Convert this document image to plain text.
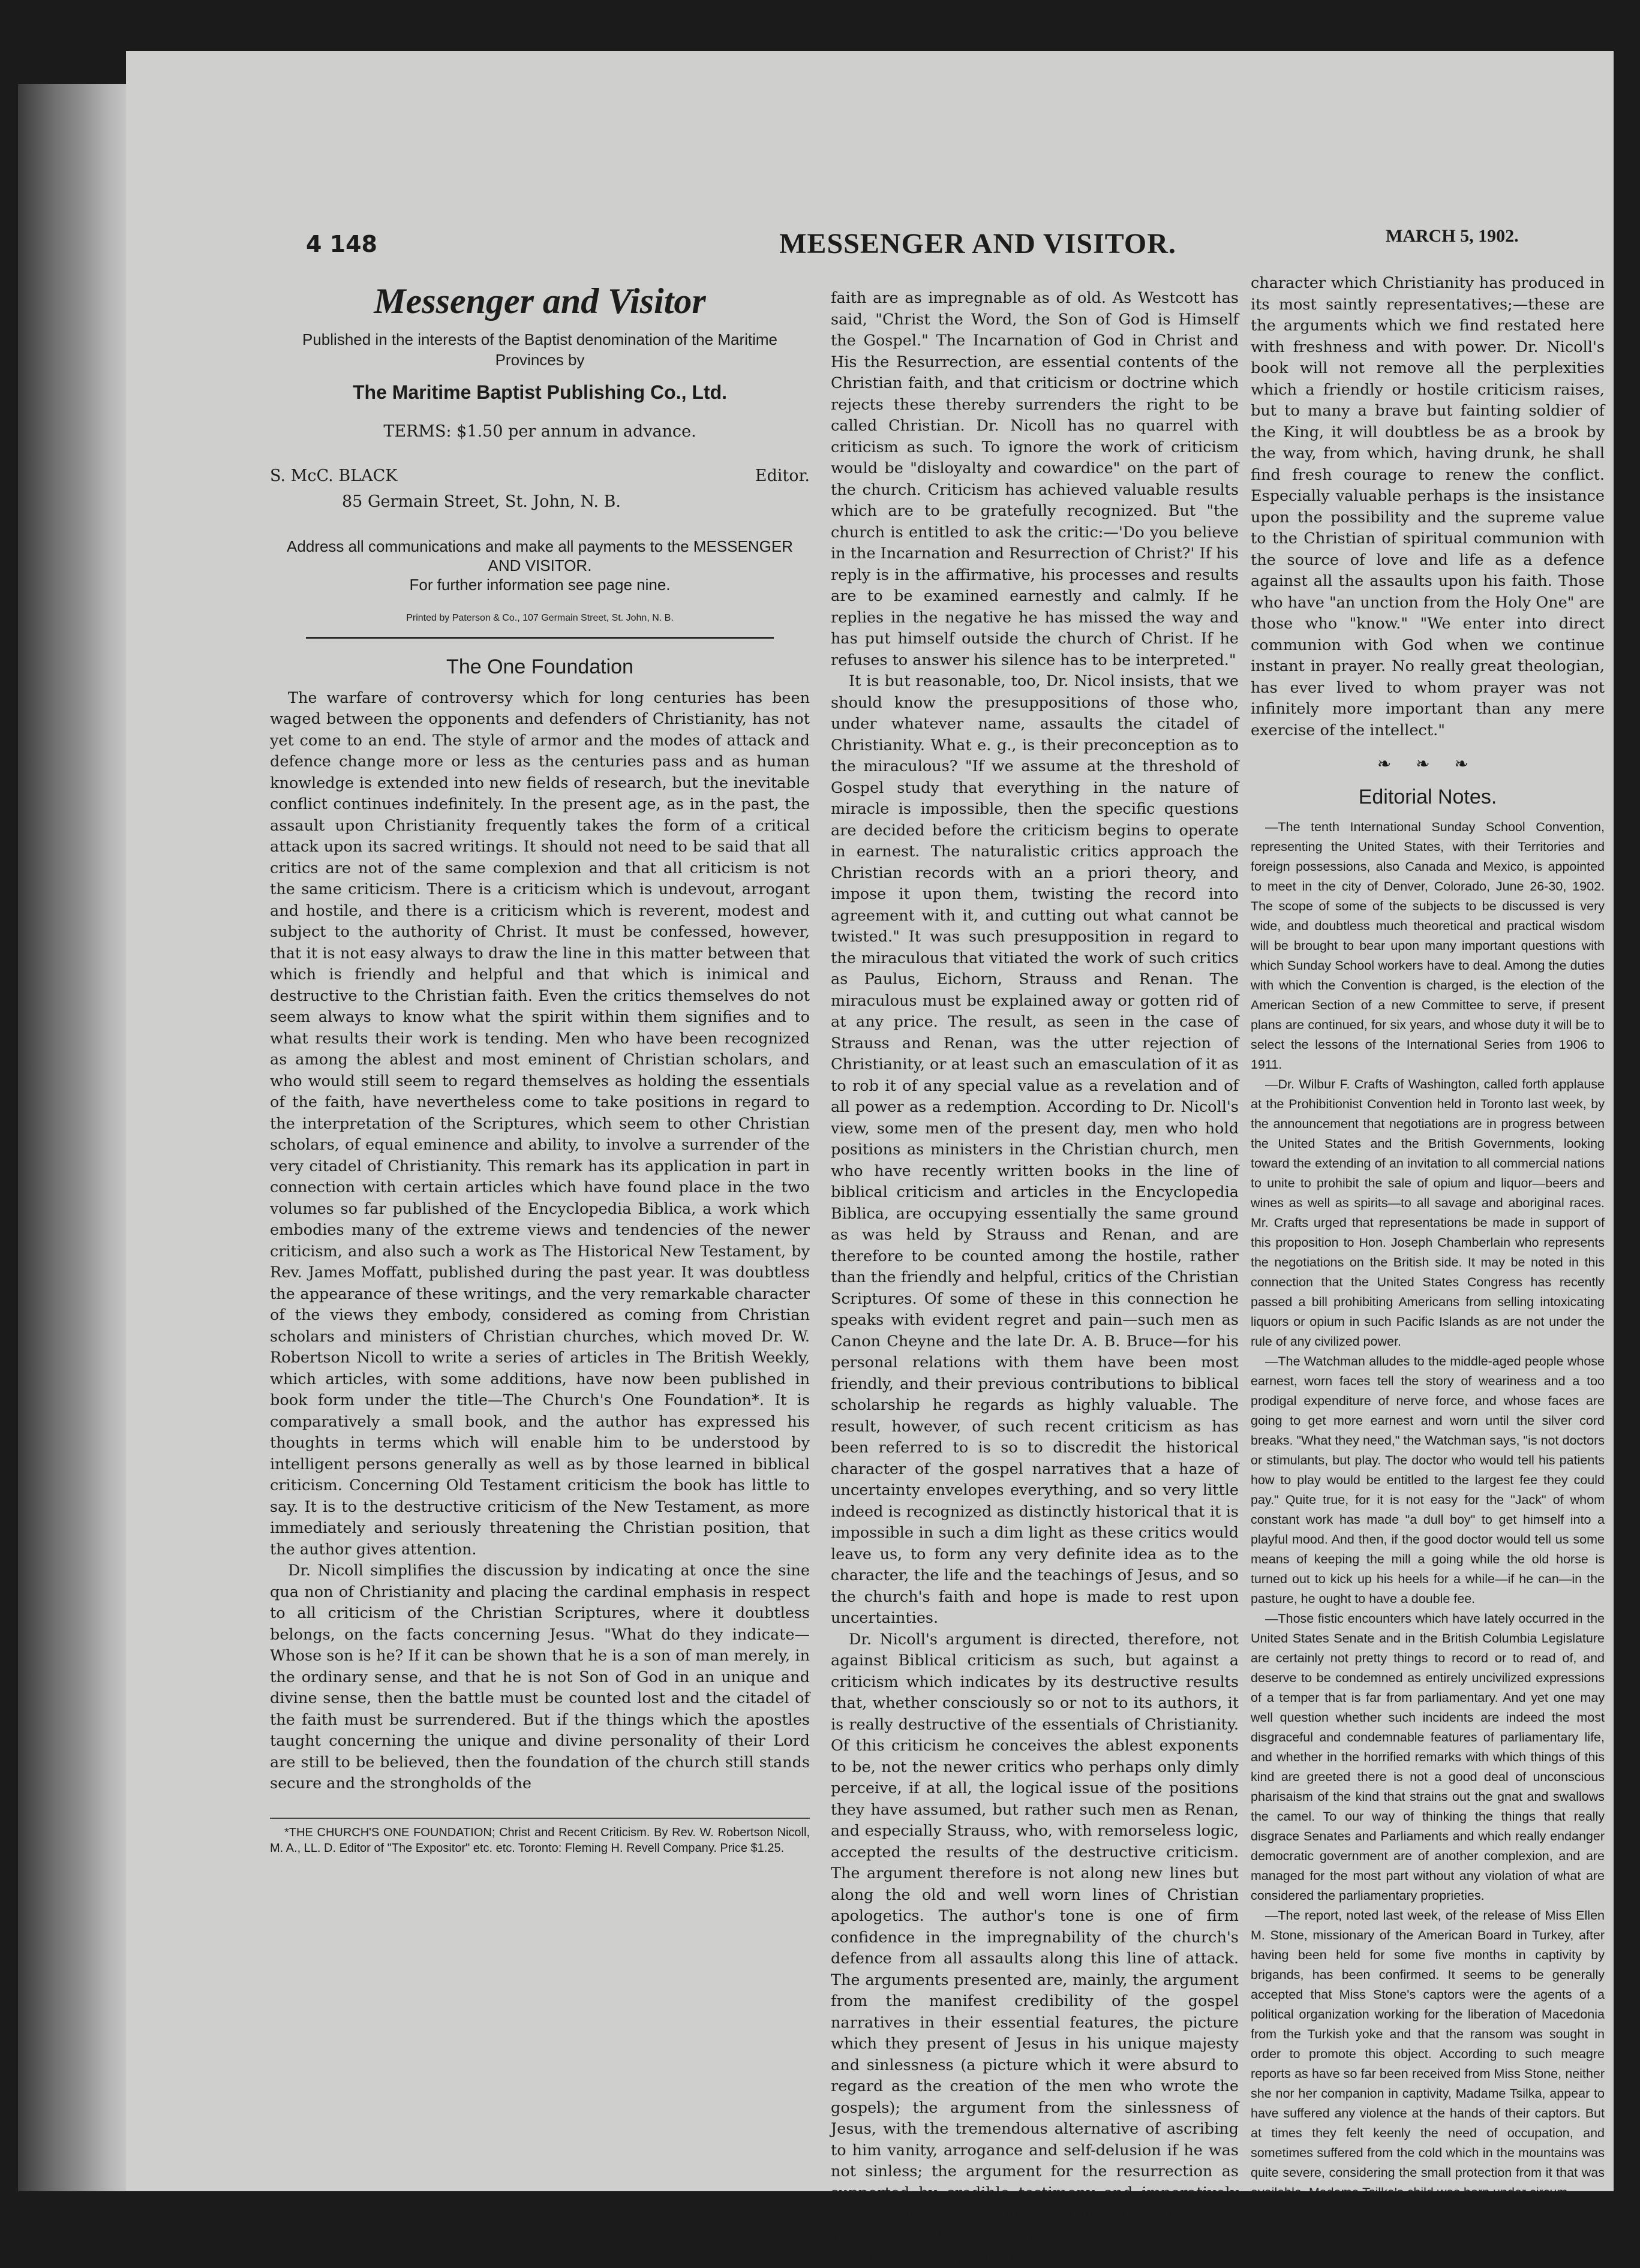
4 148	MESSENGER AND VISITOR.	MARCH 5, 1902.
Messenger and Visitor
Published in the interests of the Baptist denomination of the Maritime Provinces by
The Maritime Baptist Publishing Co., Ltd.
TERMS: $1.50 per annum in advance.
S. McC. BLACK	Editor.
85 Germain Street, St. John, N. B.
Address all communications and make all payments to the MESSENGER AND VISITOR.
For further information see page nine.
Printed by Paterson & Co., 107 Germain Street, St. John, N. B.
The One Foundation

The warfare of controversy which for long centuries has been waged between the opponents and defenders of Christianity, has not yet come to an end. The style of armor and the modes of attack and defence change more or less as the centuries pass and as human knowledge is extended into new fields of research, but the inevitable conflict continues indefinitely. In the present age, as in the past, the assault upon Christianity frequently takes the form of a critical attack upon its sacred writings. It should not need to be said that all critics are not of the same complexion and that all criticism is not the same criticism. There is a criticism which is undevout, arrogant and hostile, and there is a criticism which is reverent, modest and subject to the authority of Christ. It must be confessed, however, that it is not easy always to draw the line in this matter between that which is friendly and helpful and that which is inimical and destructive to the Christian faith. Even the critics themselves do not seem always to know what the spirit within them signifies and to what results their work is tending. Men who have been recognized as among the ablest and most eminent of Christian scholars, and who would still seem to regard themselves as holding the essentials of the faith, have nevertheless come to take positions in regard to the interpretation of the Scriptures, which seem to other Christian scholars, of equal eminence and ability, to involve a surrender of the very citadel of Christianity. This remark has its application in part in connection with certain articles which have found place in the two volumes so far published of the Encyclopedia Biblica, a work which embodies many of the extreme views and tendencies of the newer criticism, and also such a work as The Historical New Testament, by Rev. James Moffatt, published during the past year. It was doubtless the appearance of these writings, and the very remarkable character of the views they embody, considered as coming from Christian scholars and ministers of Christian churches, which moved Dr. W. Robertson Nicoll to write a series of articles in The British Weekly, which articles, with some additions, have now been published in book form under the title—The Church's One Foundation*. It is comparatively a small book, and the author has expressed his thoughts in terms which will enable him to be understood by intelligent persons generally as well as by those learned in biblical criticism. Concerning Old Testament criticism the book has little to say. It is to the destructive criticism of the New Testament, as more immediately and seriously threatening the Christian position, that the author gives attention.

Dr. Nicoll simplifies the discussion by indicating at once the sine qua non of Christianity and placing the cardinal emphasis in respect to all criticism of the Christian Scriptures, where it doubtless belongs, on the facts concerning Jesus. "What do they indicate—Whose son is he? If it can be shown that he is a son of man merely, in the ordinary sense, and that he is not Son of God in an unique and divine sense, then the battle must be counted lost and the citadel of the faith must be surrendered. But if the things which the apostles taught concerning the unique and divine personality of their Lord are still to be believed, then the foundation of the church still stands secure and the strongholds of the

*THE CHURCH'S ONE FOUNDATION; Christ and Recent Criticism. By Rev. W. Robertson Nicoll, M. A., LL. D. Editor of "The Expositor" etc. etc. Toronto: Fleming H. Revell Company. Price $1.25.

faith are as impregnable as of old. As Westcott has said, "Christ the Word, the Son of God is Himself the Gospel." The Incarnation of God in Christ and His the Resurrection, are essential contents of the Christian faith, and that criticism or doctrine which rejects these thereby surrenders the right to be called Christian. Dr. Nicoll has no quarrel with criticism as such. To ignore the work of criticism would be "disloyalty and cowardice" on the part of the church. Criticism has achieved valuable results which are to be gratefully recognized. But "the church is entitled to ask the critic:—'Do you believe in the Incarnation and Resurrection of Christ?' If his reply is in the affirmative, his processes and results are to be examined earnestly and calmly. If he replies in the negative he has missed the way and has put himself outside the church of Christ. If he refuses to answer his silence has to be interpreted."

It is but reasonable, too, Dr. Nicol insists, that we should know the presuppositions of those who, under whatever name, assaults the citadel of Christianity. What e. g., is their preconception as to the miraculous? "If we assume at the threshold of Gospel study that everything in the nature of miracle is impossible, then the specific questions are decided before the criticism begins to operate in earnest. The naturalistic critics approach the Christian records with an a priori theory, and impose it upon them, twisting the record into agreement with it, and cutting out what cannot be twisted." It was such presupposition in regard to the miraculous that vitiated the work of such critics as Paulus, Eichorn, Strauss and Renan. The miraculous must be explained away or gotten rid of at any price. The result, as seen in the case of Strauss and Renan, was the utter rejection of Christianity, or at least such an emasculation of it as to rob it of any special value as a revelation and of all power as a redemption. According to Dr. Nicoll's view, some men of the present day, men who hold positions as ministers in the Christian church, men who have recently written books in the line of biblical criticism and articles in the Encyclopedia Biblica, are occupying essentially the same ground as was held by Strauss and Renan, and are therefore to be counted among the hostile, rather than the friendly and helpful, critics of the Christian Scriptures. Of some of these in this connection he speaks with evident regret and pain—such men as Canon Cheyne and the late Dr. A. B. Bruce—for his personal relations with them have been most friendly, and their previous contributions to biblical scholarship he regards as highly valuable. The result, however, of such recent criticism as has been referred to is so to discredit the historical character of the gospel narratives that a haze of uncertainty envelopes everything, and so very little indeed is recognized as distinctly historical that it is impossible in such a dim light as these critics would leave us, to form any very definite idea as to the character, the life and the teachings of Jesus, and so the church's faith and hope is made to rest upon uncertainties.

Dr. Nicoll's argument is directed, therefore, not against Biblical criticism as such, but against a criticism which indicates by its destructive results that, whether consciously so or not to its authors, it is really destructive of the essentials of Christianity. Of this criticism he conceives the ablest exponents to be, not the newer critics who perhaps only dimly perceive, if at all, the logical issue of the positions they have assumed, but rather such men as Renan, and especially Strauss, who, with remorseless logic, accepted the results of the destructive criticism. The argument therefore is not along new lines but along the old and well worn lines of Christian apologetics. The author's tone is one of firm confidence in the impregnability of the church's defence from all assaults along this line of attack. The arguments presented are, mainly, the argument from the manifest credibility of the gospel narratives in their essential features, the picture which they present of Jesus in his unique majesty and sinlessness (a picture which it were absurd to regard as the creation of the men who wrote the gospels); the argument from the sinlessness of Jesus, with the tremendous alternative of ascribing to him vanity, arrogance and self-delusion if he was not sinless; the argument for the resurrection as supported by credible testimony and imperatively demanded by the results that follow; the arguments from Christian experience and from the transcendent type of human

character which Christianity has produced in its most saintly representatives;—these are the arguments which we find restated here with freshness and with power. Dr. Nicoll's book will not remove all the perplexities which a friendly or hostile criticism raises, but to many a brave but fainting soldier of the King, it will doubtless be as a brook by the way, from which, having drunk, he shall find fresh courage to renew the conflict. Especially valuable perhaps is the insistance upon the possibility and the supreme value to the Christian of spiritual communion with the source of love and life as a defence against all the assaults upon his faith. Those who have "an unction from the Holy One" are those who "know." "We enter into direct communion with God when we continue instant in prayer. No really great theologian, has ever lived to whom prayer was not infinitely more important than any mere exercise of the intellect."

❧ ❧ ❧
Editorial Notes.

—The tenth International Sunday School Convention, representing the United States, with their Territories and foreign possessions, also Canada and Mexico, is appointed to meet in the city of Denver, Colorado, June 26-30, 1902. The scope of some of the subjects to be discussed is very wide, and doubtless much theoretical and practical wisdom will be brought to bear upon many important questions with which Sunday School workers have to deal. Among the duties with which the Convention is charged, is the election of the American Section of a new Committee to serve, if present plans are continued, for six years, and whose duty it will be to select the lessons of the International Series from 1906 to 1911.

—Dr. Wilbur F. Crafts of Washington, called forth applause at the Prohibitionist Convention held in Toronto last week, by the announcement that negotiations are in progress between the United States and the British Governments, looking toward the extending of an invitation to all commercial nations to unite to prohibit the sale of opium and liquor—beers and wines as well as spirits—to all savage and aboriginal races. Mr. Crafts urged that representations be made in support of this proposition to Hon. Joseph Chamberlain who represents the negotiations on the British side. It may be noted in this connection that the United States Congress has recently passed a bill prohibiting Americans from selling intoxicating liquors or opium in such Pacific Islands as are not under the rule of any civilized power.

—The Watchman alludes to the middle-aged people whose earnest, worn faces tell the story of weariness and a too prodigal expenditure of nerve force, and whose faces are going to get more earnest and worn until the silver cord breaks. "What they need," the Watchman says, "is not doctors or stimulants, but play. The doctor who would tell his patients how to play would be entitled to the largest fee they could pay." Quite true, for it is not easy for the "Jack" of whom constant work has made "a dull boy" to get himself into a playful mood. And then, if the good doctor would tell us some means of keeping the mill a going while the old horse is turned out to kick up his heels for a while—if he can—in the pasture, he ought to have a double fee.

—Those fistic encounters which have lately occurred in the United States Senate and in the British Columbia Legislature are certainly not pretty things to record or to read of, and deserve to be condemned as entirely uncivilized expressions of a temper that is far from parliamentary. And yet one may well question whether such incidents are indeed the most disgraceful and condemnable features of parliamentary life, and whether in the horrified remarks with which things of this kind are greeted there is not a good deal of unconscious pharisaism of the kind that strains out the gnat and swallows the camel. To our way of thinking the things that really disgrace Senates and Parliaments and which really endanger democratic government are of another complexion, and are managed for the most part without any violation of what are considered the parliamentary proprieties.

—The report, noted last week, of the release of Miss Ellen M. Stone, missionary of the American Board in Turkey, after having been held for some five months in captivity by brigands, has been confirmed. It seems to be generally accepted that Miss Stone's captors were the agents of a political organization working for the liberation of Macedonia from the Turkish yoke and that the ransom was sought in order to promote this object. According to such meagre reports as have so far been received from Miss Stone, neither she nor her companion in captivity, Madame Tsilka, appear to have suffered any violence at the hands of their captors. But at times they felt keenly the need of occupation, and sometimes suffered from the cold which in the mountains was quite severe, considering the small protection from it that was available. Madame Tsilka's child was born under circum-
